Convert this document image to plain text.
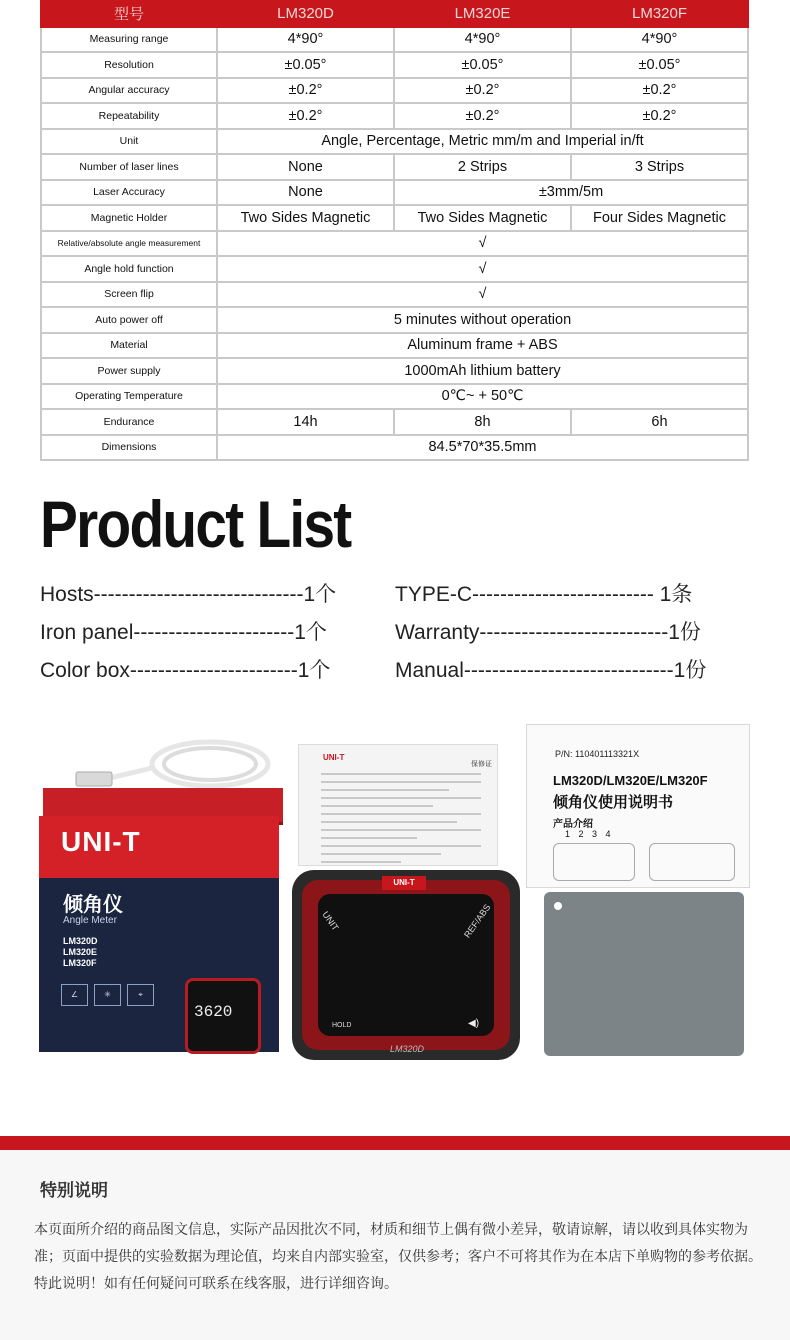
型号	LM320D	LM320E	LM320F
Measuring range	4*90°	4*90°	4*90°
Resolution	±0.05°	±0.05°	±0.05°
Angular accuracy	±0.2°	±0.2°	±0.2°
Repeatability	±0.2°	±0.2°	±0.2°
Unit	Angle, Percentage, Metric mm/m and Imperial in/ft		
Number of laser lines	None	2 Strips	3 Strips
Laser Accuracy	None	±3mm/5m	
Magnetic Holder	Two Sides Magnetic	Two Sides Magnetic	Four Sides Magnetic
Relative/absolute angle measurement	√		
Angle hold function	√		
Screen flip	√		
Auto power off	5 minutes without operation		
Material	Aluminum frame + ABS		
Power supply	1000mAh lithium battery		
Operating Temperature	0℃~ + 50℃		
Endurance	14h	8h	6h
Dimensions	84.5*70*35.5mm		
Product List
Hosts------------------------------1个	TYPE-C-------------------------- 1条
Iron panel-----------------------1个	Warranty---------------------------1份
Color box------------------------1个	Manual------------------------------1份
UNI-T
倾角仪
Angle Meter
LM320D
LM320E
LM320F
∠	✳	⌖
3620
UNI-T
保修证
UNI-T
UNIT	REF/ABS
HOLD	◀)
LM320D
P/N: 110401113321X
LM320D/LM320E/LM320F
倾角仪使用说明书
产品介绍
1 2 3 4
特别说明
本页面所介绍的商品图文信息，实际产品因批次不同，材质和细节上偶有微小差异，敬请谅解，请以收到具体实物为准；页面中提供的实验数据为理论值，均来自内部实验室，仅供参考；客户不可将其作为在本店下单购物的参考依据。特此说明！如有任何疑问可联系在线客服，进行详细咨询。
